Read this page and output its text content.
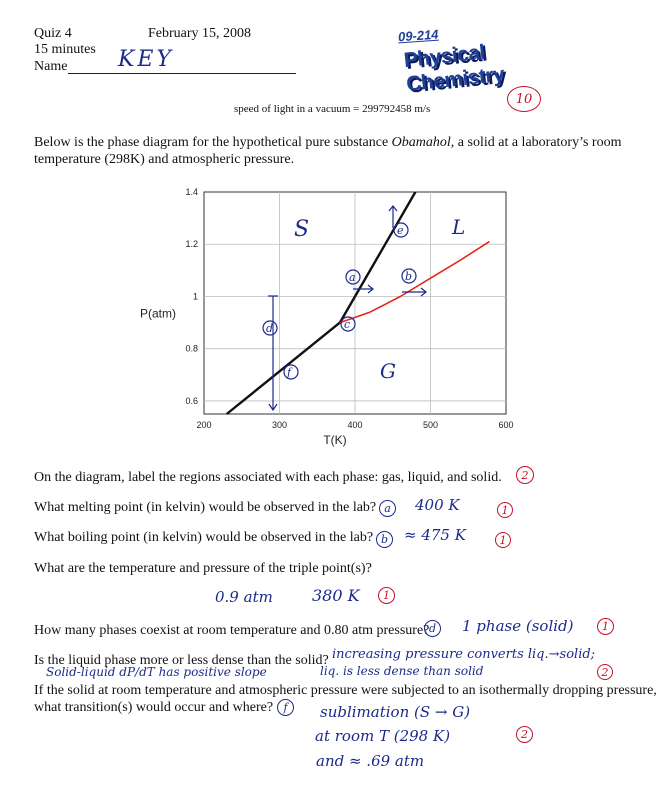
Quiz 4	February 15, 2008
15 minutes
Name KEY
09-214
Physical Chemistry
10
speed of light in a vacuum = 299792458 m/s
Below is the phase diagram for the hypothetical pure substance Obamahol, a solid at a laboratory’s room
temperature (298K) and atmospheric pressure.
200	300	400	500	600
0.6
0.8
1
1.2
1.4
T(K)
P(atm)
S	L
G
a	b
c
d
e
f
On the diagram, label the regions associated with each phase: gas, liquid, and solid. 2
What melting point (in kelvin) would be observed in the lab? a 400 K	1
What boiling point (in kelvin) would be observed in the lab? b ≈ 475 K	1
What are the temperature and pressure of the triple point(s)?
0.9 atm 380 K 1
How many phases coexist at room temperature and 0.80 atm pressure? d 1 phase (solid)	1
Is the liquid phase more or less dense than the solid? increasing pressure converts liq.→solid;
Solid-liquid dP/dT has positive slope	liq. is less dense than solid	2
If the solid at room temperature and atmospheric pressure were subjected to an isothermally dropping pressure,
what transition(s) would occur and where? f sublimation (S → G)
at room T (298 K)
and ≈ .69 atm
2
